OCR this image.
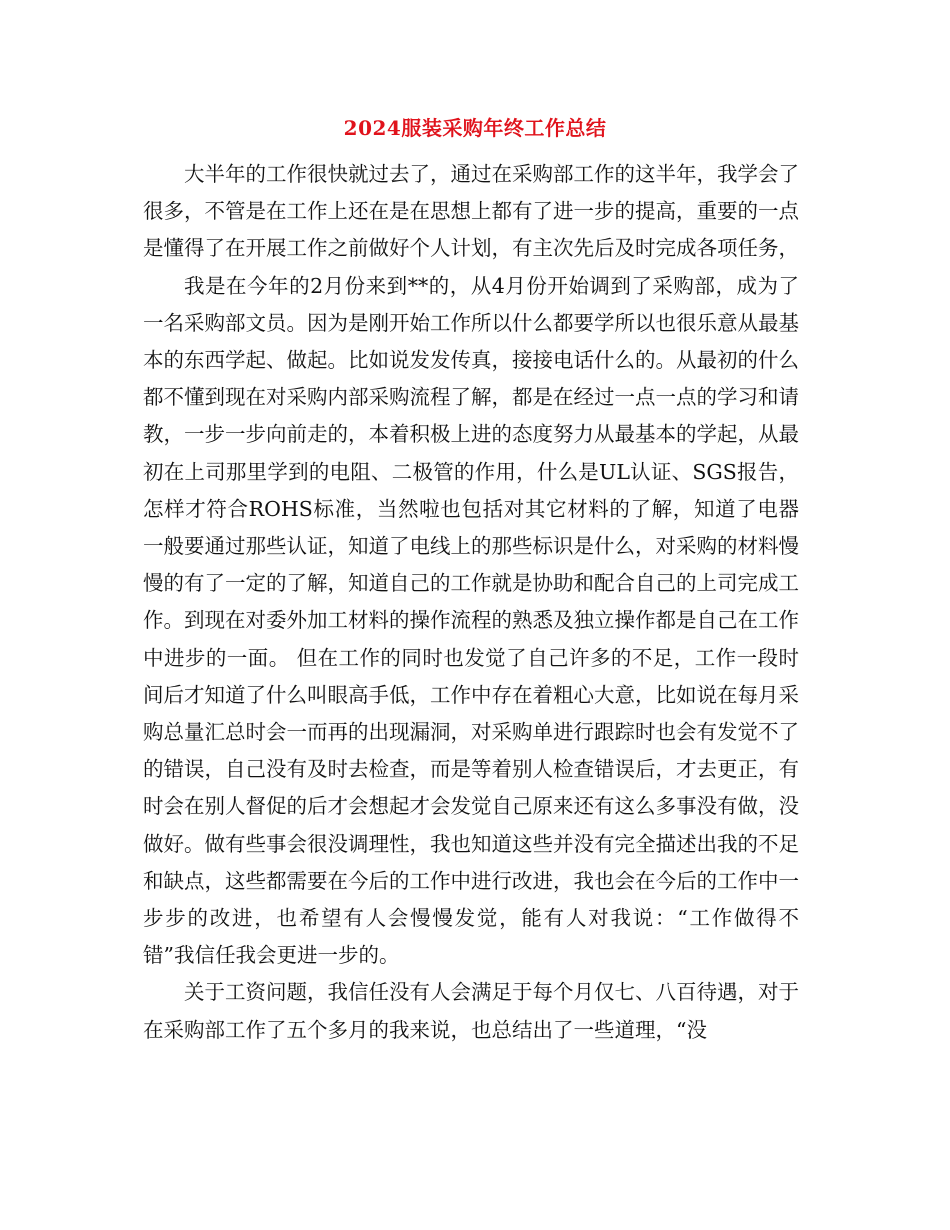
2024服装采购年终工作总结

大半年的工作很快就过去了，通过在采购部工作的这半年，我学会了很多，不管是在工作上还在是在思想上都有了进一步的提高，重要的一点是懂得了在开展工作之前做好个人计划，有主次先后及时完成各项任务，

我是在今年的2月份来到**的，从4月份开始调到了采购部，成为了一名采购部文员。因为是刚开始工作所以什么都要学所以也很乐意从最基本的东西学起、做起。比如说发发传真，接接电话什么的。从最初的什么都不懂到现在对采购内部采购流程了解，都是在经过一点一点的学习和请教，一步一步向前走的，本着积极上进的态度努力从最基本的学起，从最初在上司那里学到的电阻、二极管的作用，什么是UL认证、SGS报告，怎样才符合ROHS标准，当然啦也包括对其它材料的了解，知道了电器一般要通过那些认证，知道了电线上的那些标识是什么，对采购的材料慢慢的有了一定的了解，知道自己的工作就是协助和配合自己的上司完成工作。到现在对委外加工材料的操作流程的熟悉及独立操作都是自己在工作中进步的一面。 但在工作的同时也发觉了自己许多的不足，工作一段时间后才知道了什么叫眼高手低，工作中存在着粗心大意，比如说在每月采购总量汇总时会一而再的出现漏洞，对采购单进行跟踪时也会有发觉不了的错误，自己没有及时去检查，而是等着别人检查错误后，才去更正，有时会在别人督促的后才会想起才会发觉自己原来还有这么多事没有做，没做好。做有些事会很没调理性，我也知道这些并没有完全描述出我的不足和缺点，这些都需要在今后的工作中进行改进，我也会在今后的工作中一步步的改进，也希望有人会慢慢发觉，能有人对我说：“工作做得不错”我信任我会更进一步的。

关于工资问题，我信任没有人会满足于每个月仅七、八百待遇，对于在采购部工作了五个多月的我来说，也总结出了一些道理，“没
